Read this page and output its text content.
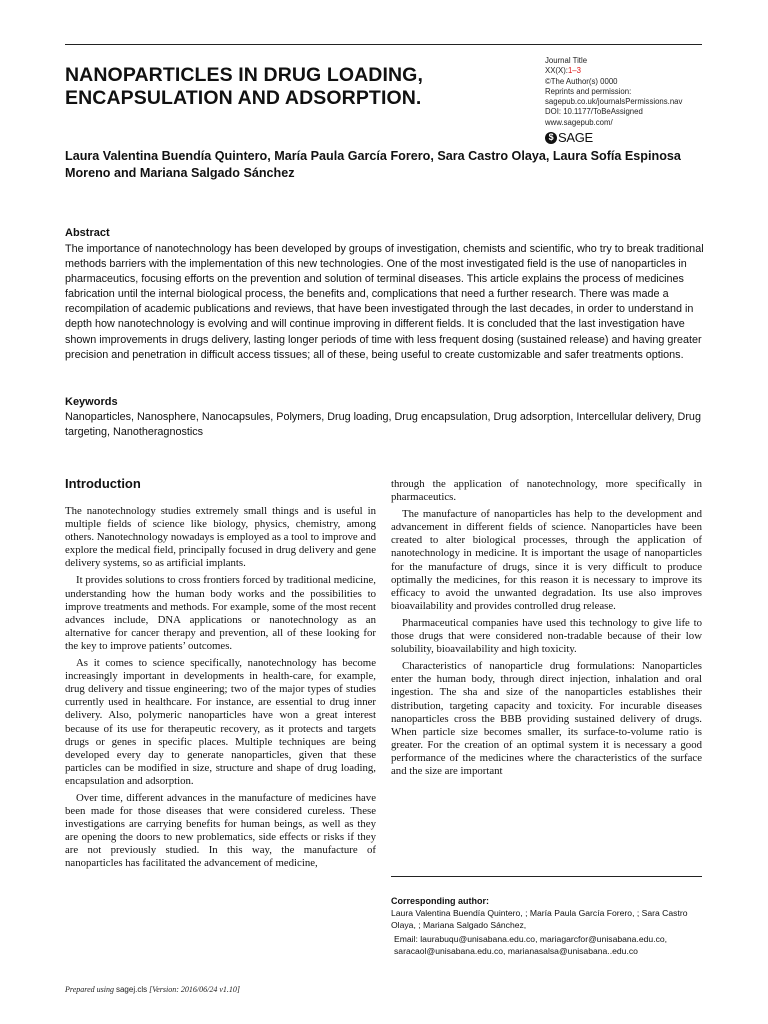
NANOPARTICLES IN DRUG LOADING, ENCAPSULATION AND ADSORPTION.
Journal Title
XX(X):1–3
©The Author(s) 0000
Reprints and permission:
sagepub.co.uk/journalsPermissions.nav
DOI: 10.1177/ToBeAssigned
www.sagepub.com/
$ SAGE
Laura Valentina Buendía Quintero, María Paula García Forero, Sara Castro Olaya, Laura Sofía Espinosa Moreno and Mariana Salgado Sánchez
Abstract
The importance of nanotechnology has been developed by groups of investigation, chemists and scientific, who try to break traditional methods barriers with the implementation of this new technologies. One of the most investigated field is the use of nanoparticles in pharmaceutics, focusing efforts on the prevention and solution of terminal diseases. This article explains the process of medicines fabrication until the internal biological process, the benefits and, complications that need a further research. There was made a recompilation of academic publications and reviews, that have been investigated through the last decades, in order to understand in depth how nanotechnology is evolving and will continue improving in different fields. It is concluded that the last investigation have shown improvements in drugs delivery, lasting longer periods of time with less frequent dosing (sustained release) and having greater precision and penetration in difficult access tissues; all of these, being useful to create customizable and safer treatments options.
Keywords
Nanoparticles, Nanosphere, Nanocapsules, Polymers, Drug loading, Drug encapsulation, Drug adsorption, Intercellular delivery, Drug targeting, Nanotheragnostics
Introduction

The nanotechnology studies extremely small things and is useful in multiple fields of science like biology, physics, chemistry, among others. Nanotechnology nowadays is employed as a tool to improve and explore the medical field, principally focused in drug delivery and gene delivery systems, so as artificial implants.

It provides solutions to cross frontiers forced by traditional medicine, understanding how the human body works and the possibilities to improve treatments and methods. For example, some of the most recent advances include, DNA applications or nanotechnology as an alternative for cancer therapy and prevention, all of these looking for the key to improve patients’ outcomes.

As it comes to science specifically, nanotechnology has become increasingly important in developments in health-care, for example, drug delivery and tissue engineering; two of the major types of studies currently used in healthcare. For instance, are essential to drug inner delivery. Also, polymeric nanoparticles have won a great interest because of its use for therapeutic recovery, as it protects and targets drugs or genes in specific places. Multiple techniques are being developed every day to generate nanoparticles, given that these particles can be modified in size, structure and shape of drug loading, encapsulation and adsorption.

Over time, different advances in the manufacture of medicines have been made for those diseases that were considered cureless. These investigations are carrying benefits for human beings, as well as they are opening the doors to new problematics, side effects or risks if they are not previously studied. In this way, the manufacture of nanoparticles has facilitated the advancement of medicine,

through the application of nanotechnology, more specifically in pharmaceutics.

The manufacture of nanoparticles has help to the development and advancement in different fields of science. Nanoparticles have been created to alter biological processes, through the application of nanotechnology in medicine. It is important the usage of nanoparticles for the manufacture of drugs, since it is very difficult to produce optimally the medicines, for this reason it is necessary to improve its efficacy to avoid the unwanted degradation. Its use also improves bioavailability and provides controlled drug release.

Pharmaceutical companies have used this technology to give life to those drugs that were considered non-tradable because of their low solubility, bioavailability and high toxicity.

Characteristics of nanoparticle drug formulations: Nanoparticles enter the human body, through direct injection, inhalation and oral ingestion. The sha and size of the nanoparticles establishes their distribution, targeting capacity and toxicity. For incurable diseases nanoparticles cross the BBB providing sustained delivery of drugs. When particle size becomes smaller, its surface-to-volume ratio is greater. For the creation of an optimal system it is necessary a good performance of the medicines where the characteristics of the surface and the size are important

Corresponding author:
Laura Valentina Buendía Quintero, ; María Paula García Forero, ; Sara Castro Olaya, ; Mariana Salgado Sánchez,
Email: laurabuqu@unisabana.edu.co, mariagarcfor@unisabana.edu.co,
saracaol@unisabana.edu.co, marianasalsa@unisabana..edu.co
Prepared using sagej.cls [Version: 2016/06/24 v1.10]
